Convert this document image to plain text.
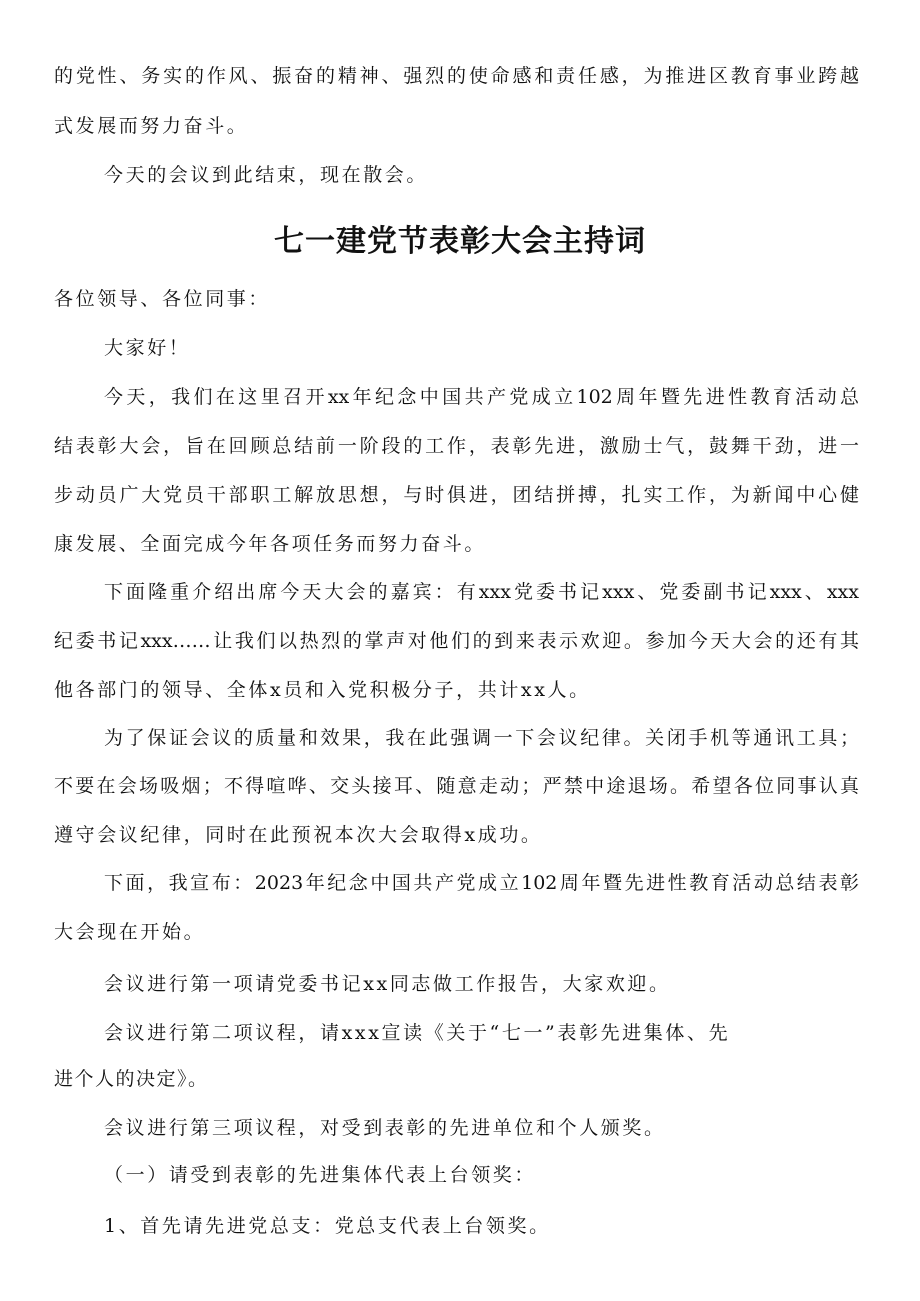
的党性、务实的作风、振奋的精神、强烈的使命感和责任感，为推进区教育事业跨越

式发展而努力奋斗。

今天的会议到此结束，现在散会。

七一建党节表彰大会主持词

各位领导、各位同事：

大家好！

今天，我们在这里召开xx年纪念中国共产党成立102周年暨先进性教育活动总

结表彰大会，旨在回顾总结前一阶段的工作，表彰先进，激励士气，鼓舞干劲，进一

步动员广大党员干部职工解放思想，与时俱进，团结拼搏，扎实工作，为新闻中心健

康发展、全面完成今年各项任务而努力奋斗。

下面隆重介绍出席今天大会的嘉宾：有xxx党委书记xxx、党委副书记xxx、xxx

纪委书记xxx……让我们以热烈的掌声对他们的到来表示欢迎。参加今天大会的还有其

他各部门的领导、全体x员和入党积极分子，共计xx人。

为了保证会议的质量和效果，我在此强调一下会议纪律。关闭手机等通讯工具；

不要在会场吸烟；不得喧哗、交头接耳、随意走动；严禁中途退场。希望各位同事认真

遵守会议纪律，同时在此预祝本次大会取得x成功。

下面，我宣布：2023年纪念中国共产党成立102周年暨先进性教育活动总结表彰

大会现在开始。

会议进行第一项请党委书记xx同志做工作报告，大家欢迎。

会议进行第二项议程，请xxx宣读《关于“七一”表彰先进集体、先

进个人的决定》。

会议进行第三项议程，对受到表彰的先进单位和个人颁奖。

（一）请受到表彰的先进集体代表上台领奖：

1、首先请先进党总支：党总支代表上台领奖。
